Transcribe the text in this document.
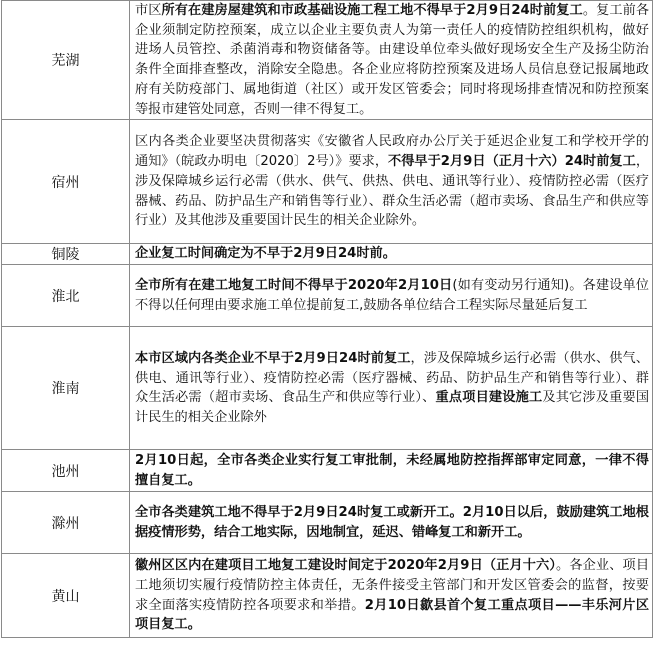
芜湖	市区所有在建房屋建筑和市政基础设施工程工地不得早于2月9日24时前复工。复工前各企业须制定防控预案，成立以企业主要负责人为第一责任人的疫情防控组织机构，做好进场人员管控、杀菌消毒和物资储备等。由建设单位牵头做好现场安全生产及扬尘防治条件全面排查整改，消除安全隐患。各企业应将防控预案及进场人员信息登记报属地政府有关防疫部门、属地街道（社区）或开发区管委会；同时将现场排查情况和防控预案等报市建管处同意，否则一律不得复工。
宿州	区内各类企业要坚决贯彻落实《安徽省人民政府办公厅关于延迟企业复工和学校开学的通知》（皖政办明电〔2020〕2号）》要求，不得早于2月9日（正月十六）24时前复工，涉及保障城乡运行必需（供水、供气、供热、供电、通讯等行业）、疫情防控必需（医疗器械、药品、防护品生产和销售等行业）、群众生活必需（超市卖场、食品生产和供应等行业）及其他涉及重要国计民生的相关企业除外。
铜陵	企业复工时间确定为不早于2月9日24时前。
淮北	全市所有在建工地复工时间不得早于2020年2月10日(如有变动另行通知)。各建设单位不得以任何理由要求施工单位提前复工,鼓励各单位结合工程实际尽量延后复工
淮南	本市区域内各类企业不早于2月9日24时前复工，涉及保障城乡运行必需（供水、供气、供电、通讯等行业）、疫情防控必需（医疗器械、药品、防护品生产和销售等行业）、群众生活必需（超市卖场、食品生产和供应等行业）、重点项目建设施工及其它涉及重要国计民生的相关企业除外
池州	2月10日起，全市各类企业实行复工审批制，未经属地防控指挥部审定同意，一律不得擅自复工。
滁州	全市各类建筑工地不得早于2月9日24时复工或新开工。2月10日以后，鼓励建筑工地根据疫情形势，结合工地实际，因地制宜，延迟、错峰复工和新开工。
黄山	徽州区区内在建项目工地复工建设时间定于2020年2月9日（正月十六）。各企业、项目工地须切实履行疫情防控主体责任，无条件接受主管部门和开发区管委会的监督，按要求全面落实疫情防控各项要求和举措。2月10日歙县首个复工重点项目——丰乐河片区项目复工。
